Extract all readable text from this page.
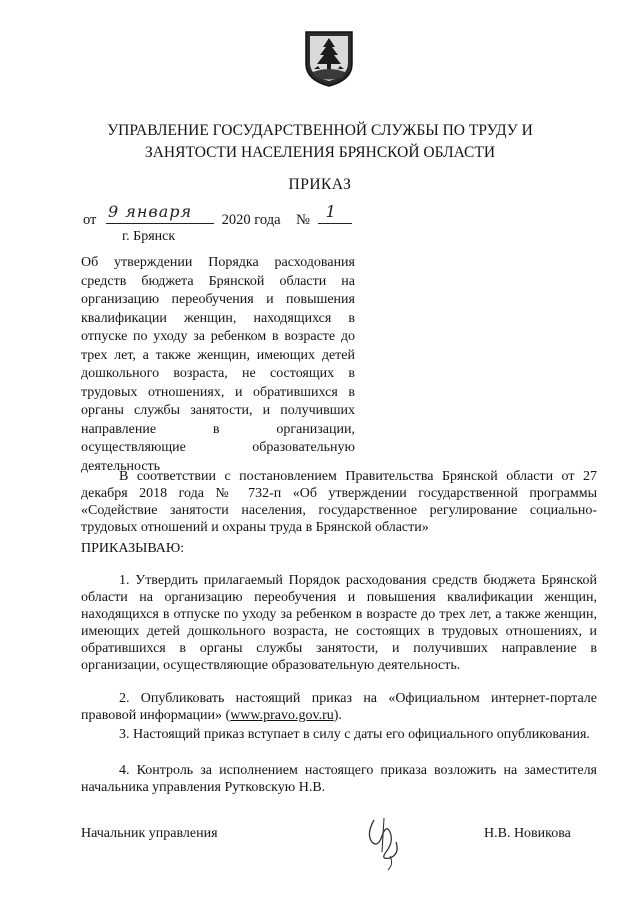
УПРАВЛЕНИЕ ГОСУДАРСТВЕННОЙ СЛУЖБЫ ПО ТРУДУ И
ЗАНЯТОСТИ НАСЕЛЕНИЯ БРЯНСКОЙ ОБЛАСТИ
ПРИКАЗ
от 9 января 2020 года № 1
г. Брянск
Об утверждении Порядка расходования средств бюджета Брянской области на организацию переобучения и повышения квалификации женщин, находящихся в отпуске по уходу за ребенком в возрасте до трех лет, а также женщин, имеющих детей дошкольного возраста, не состоящих в трудовых отношениях, и обратившихся в органы службы занятости, и получивших направление в организации, осуществляющие образовательную деятельность
В соответствии с постановлением Правительства Брянской области от 27 декабря 2018 года № 732-п «Об утверждении государственной программы «Содействие занятости населения, государственное регулирование социально-трудовых отношений и охраны труда в Брянской области»
ПРИКАЗЫВАЮ:
1. Утвердить прилагаемый Порядок расходования средств бюджета Брянской области на организацию переобучения и повышения квалификации женщин, находящихся в отпуске по уходу за ребенком в возрасте до трех лет, а также женщин, имеющих детей дошкольного возраста, не состоящих в трудовых отношениях, и обратившихся в органы службы занятости, и получивших направление в организации, осуществляющие образовательную деятельность.
2. Опубликовать настоящий приказ на «Официальном интернет-портале правовой информации» (www.pravo.gov.ru).
3. Настоящий приказ вступает в силу с даты его официального опубликования.
4. Контроль за исполнением настоящего приказа возложить на заместителя начальника управления Рутковскую Н.В.
Начальник управления	Н.В. Новикова
